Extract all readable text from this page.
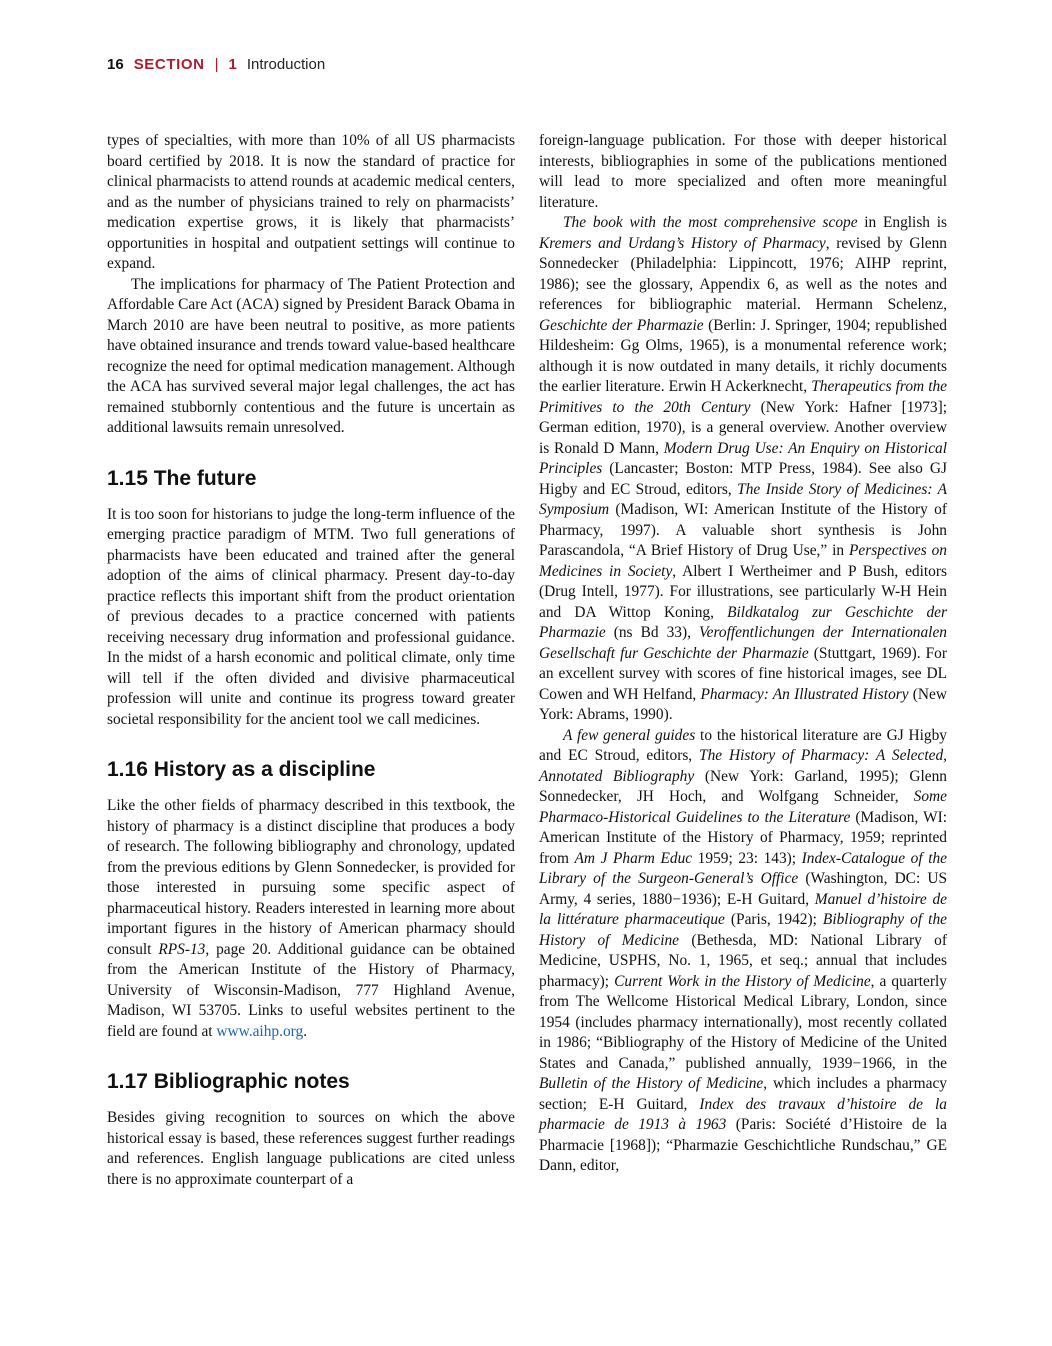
16 SECTION | 1 Introduction

types of specialties, with more than 10% of all US pharmacists board certified by 2018. It is now the standard of practice for clinical pharmacists to attend rounds at academic medical centers, and as the number of physicians trained to rely on pharmacists’ medication expertise grows, it is likely that pharmacists’ opportunities in hospital and outpatient settings will continue to expand.

The implications for pharmacy of The Patient Protection and Affordable Care Act (ACA) signed by President Barack Obama in March 2010 are have been neutral to positive, as more patients have obtained insurance and trends toward value-based healthcare recognize the need for optimal medication management. Although the ACA has survived several major legal challenges, the act has remained stubbornly contentious and the future is uncertain as additional lawsuits remain unresolved.

1.15 The future

It is too soon for historians to judge the long-term influence of the emerging practice paradigm of MTM. Two full generations of pharmacists have been educated and trained after the general adoption of the aims of clinical pharmacy. Present day-to-day practice reflects this important shift from the product orientation of previous decades to a practice concerned with patients receiving necessary drug information and professional guidance. In the midst of a harsh economic and political climate, only time will tell if the often divided and divisive pharmaceutical profession will unite and continue its progress toward greater societal responsibility for the ancient tool we call medicines.

1.16 History as a discipline

Like the other fields of pharmacy described in this textbook, the history of pharmacy is a distinct discipline that produces a body of research. The following bibliography and chronology, updated from the previous editions by Glenn Sonnedecker, is provided for those interested in pursuing some specific aspect of pharmaceutical history. Readers interested in learning more about important figures in the history of American pharmacy should consult RPS-13, page 20. Additional guidance can be obtained from the American Institute of the History of Pharmacy, University of Wisconsin-Madison, 777 Highland Avenue, Madison, WI 53705. Links to useful websites pertinent to the field are found at www.aihp.org.

1.17 Bibliographic notes

Besides giving recognition to sources on which the above historical essay is based, these references suggest further readings and references. English language publications are cited unless there is no approximate counterpart of a

foreign-language publication. For those with deeper historical interests, bibliographies in some of the publications mentioned will lead to more specialized and often more meaningful literature.

The book with the most comprehensive scope in English is Kremers and Urdang’s History of Pharmacy, revised by Glenn Sonnedecker (Philadelphia: Lippincott, 1976; AIHP reprint, 1986); see the glossary, Appendix 6, as well as the notes and references for bibliographic material. Hermann Schelenz, Geschichte der Pharmazie (Berlin: J. Springer, 1904; republished Hildesheim: Gg Olms, 1965), is a monumental reference work; although it is now outdated in many details, it richly documents the earlier literature. Erwin H Ackerknecht, Therapeutics from the Primitives to the 20th Century (New York: Hafner [1973]; German edition, 1970), is a general overview. Another overview is Ronald D Mann, Modern Drug Use: An Enquiry on Historical Principles (Lancaster; Boston: MTP Press, 1984). See also GJ Higby and EC Stroud, editors, The Inside Story of Medicines: A Symposium (Madison, WI: American Institute of the History of Pharmacy, 1997). A valuable short synthesis is John Parascandola, “A Brief History of Drug Use,” in Perspectives on Medicines in Society, Albert I Wertheimer and P Bush, editors (Drug Intell, 1977). For illustrations, see particularly W-H Hein and DA Wittop Koning, Bildkatalog zur Geschichte der Pharmazie (ns Bd 33), Veroffentlichungen der Internationalen Gesellschaft fur Geschichte der Pharmazie (Stuttgart, 1969). For an excellent survey with scores of fine historical images, see DL Cowen and WH Helfand, Pharmacy: An Illustrated History (New York: Abrams, 1990).

A few general guides to the historical literature are GJ Higby and EC Stroud, editors, The History of Pharmacy: A Selected, Annotated Bibliography (New York: Garland, 1995); Glenn Sonnedecker, JH Hoch, and Wolfgang Schneider, Some Pharmaco-Historical Guidelines to the Literature (Madison, WI: American Institute of the History of Pharmacy, 1959; reprinted from Am J Pharm Educ 1959; 23: 143); Index-Catalogue of the Library of the Surgeon-General’s Office (Washington, DC: US Army, 4 series, 1880−1936); E-H Guitard, Manuel d’histoire de la littérature pharmaceutique (Paris, 1942); Bibliography of the History of Medicine (Bethesda, MD: National Library of Medicine, USPHS, No. 1, 1965, et seq.; annual that includes pharmacy); Current Work in the History of Medicine, a quarterly from The Wellcome Historical Medical Library, London, since 1954 (includes pharmacy internationally), most recently collated in 1986; “Bibliography of the History of Medicine of the United States and Canada,” published annually, 1939−1966, in the Bulletin of the History of Medicine, which includes a pharmacy section; E-H Guitard, Index des travaux d’histoire de la pharmacie de 1913 à 1963 (Paris: Société d’Histoire de la Pharmacie [1968]); “Pharmazie Geschichtliche Rundschau,” GE Dann, editor,
